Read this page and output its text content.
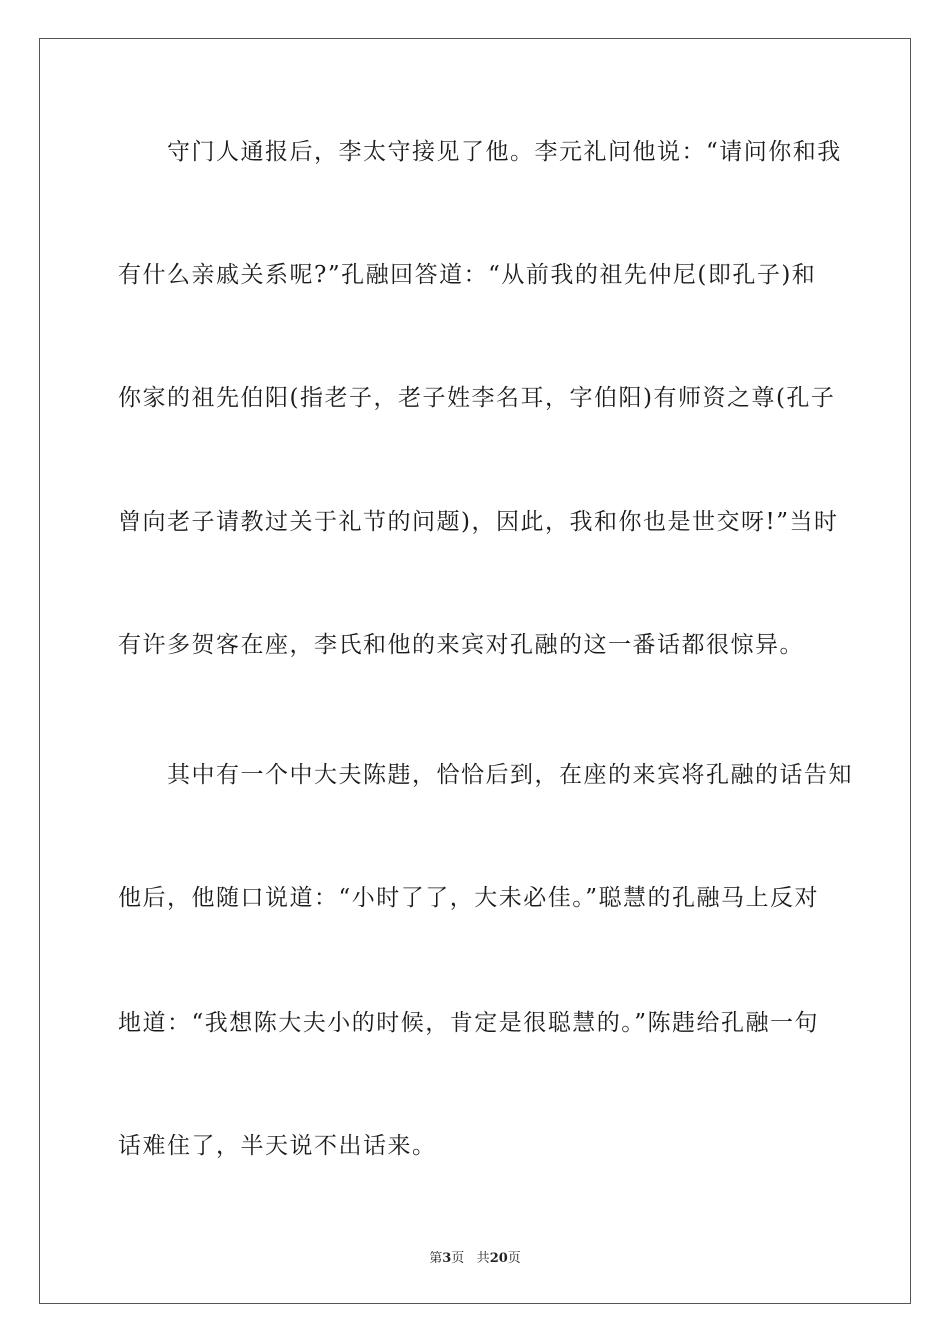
　　守门人通报后，李太守接见了他。李元礼问他说：“请问你和我
有什么亲戚关系呢?”孔融回答道：“从前我的祖先仲尼(即孔子)和
你家的祖先伯阳(指老子，老子姓李名耳，字伯阳)有师资之尊(孔子
曾向老子请教过关于礼节的问题)，因此，我和你也是世交呀!”当时
有许多贺客在座，李氏和他的来宾对孔融的这一番话都很惊异。
　　其中有一个中大夫陈韪，恰恰后到，在座的来宾将孔融的话告知
他后，他随口说道：“小时了了，大未必佳。”聪慧的孔融马上反对
地道：“我想陈大夫小的时候，肯定是很聪慧的。”陈韪给孔融一句
话难住了，半天说不出话来。
第3页 共20页
